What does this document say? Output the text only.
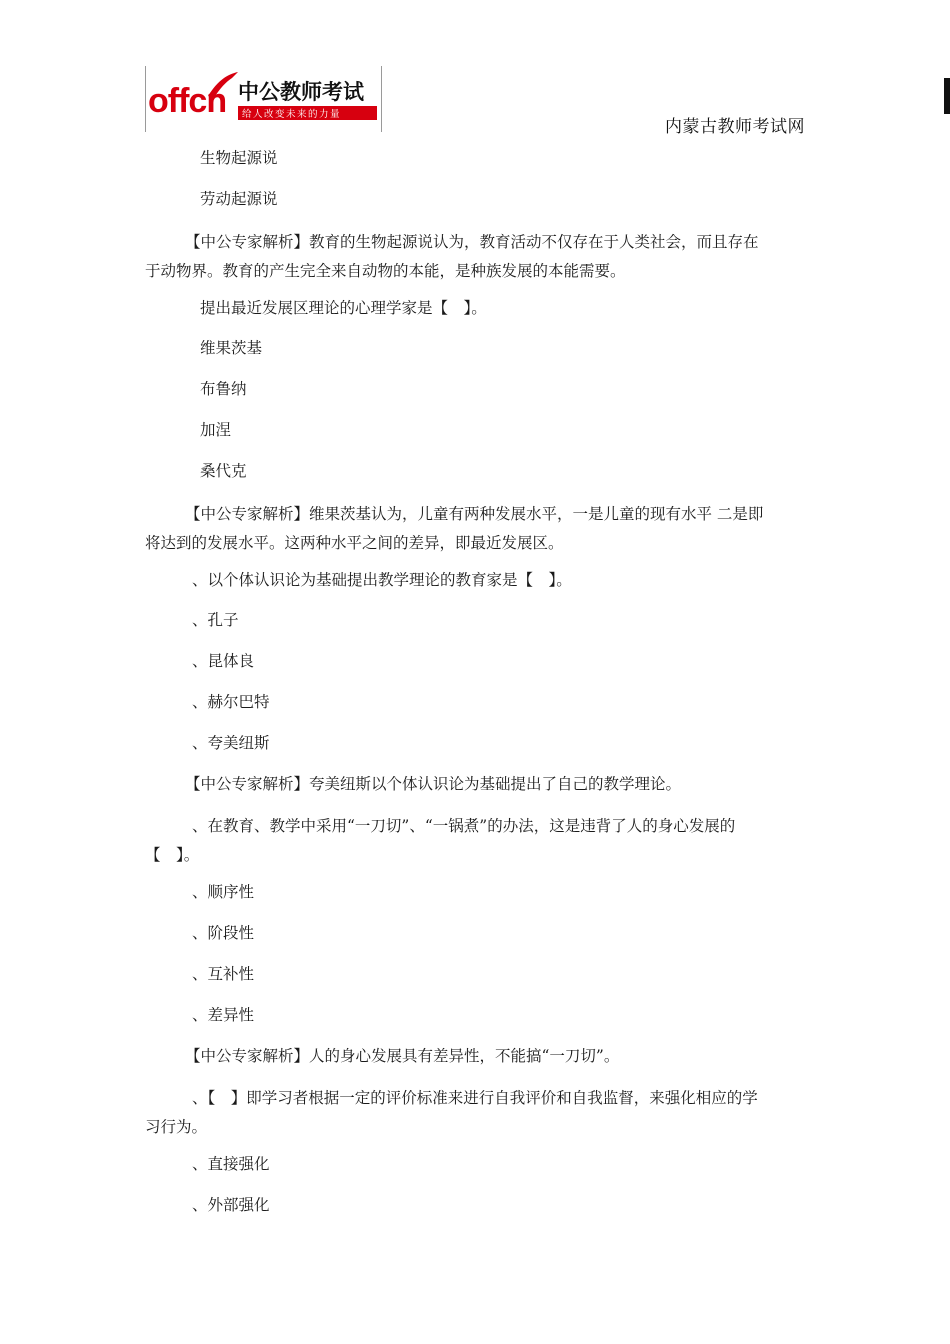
offcn 中公教师考试
给人改变未来的力量
内蒙古教师考试网

生物起源说

劳动起源说

【中公专家解析】教育的生物起源说认为，教育活动不仅存在于人类社会，而且存在

于动物界。教育的产生完全来自动物的本能，是种族发展的本能需要。

提出最近发展区理论的心理学家是【　】。

维果茨基

布鲁纳

加涅

桑代克

【中公专家解析】维果茨基认为，儿童有两种发展水平，一是儿童的现有水平 二是即

将达到的发展水平。这两种水平之间的差异，即最近发展区。

、以个体认识论为基础提出教学理论的教育家是【　】。

、孔子

、昆体良

、赫尔巴特

、夸美纽斯

【中公专家解析】夸美纽斯以个体认识论为基础提出了自己的教学理论。

、在教育、教学中采用“一刀切”、“一锅煮”的办法，这是违背了人的身心发展的

【　】。

、顺序性

、阶段性

、互补性

、差异性

【中公专家解析】人的身心发展具有差异性，不能搞“一刀切”。

、【　】即学习者根据一定的评价标准来进行自我评价和自我监督，来强化相应的学

习行为。

、直接强化

、外部强化
